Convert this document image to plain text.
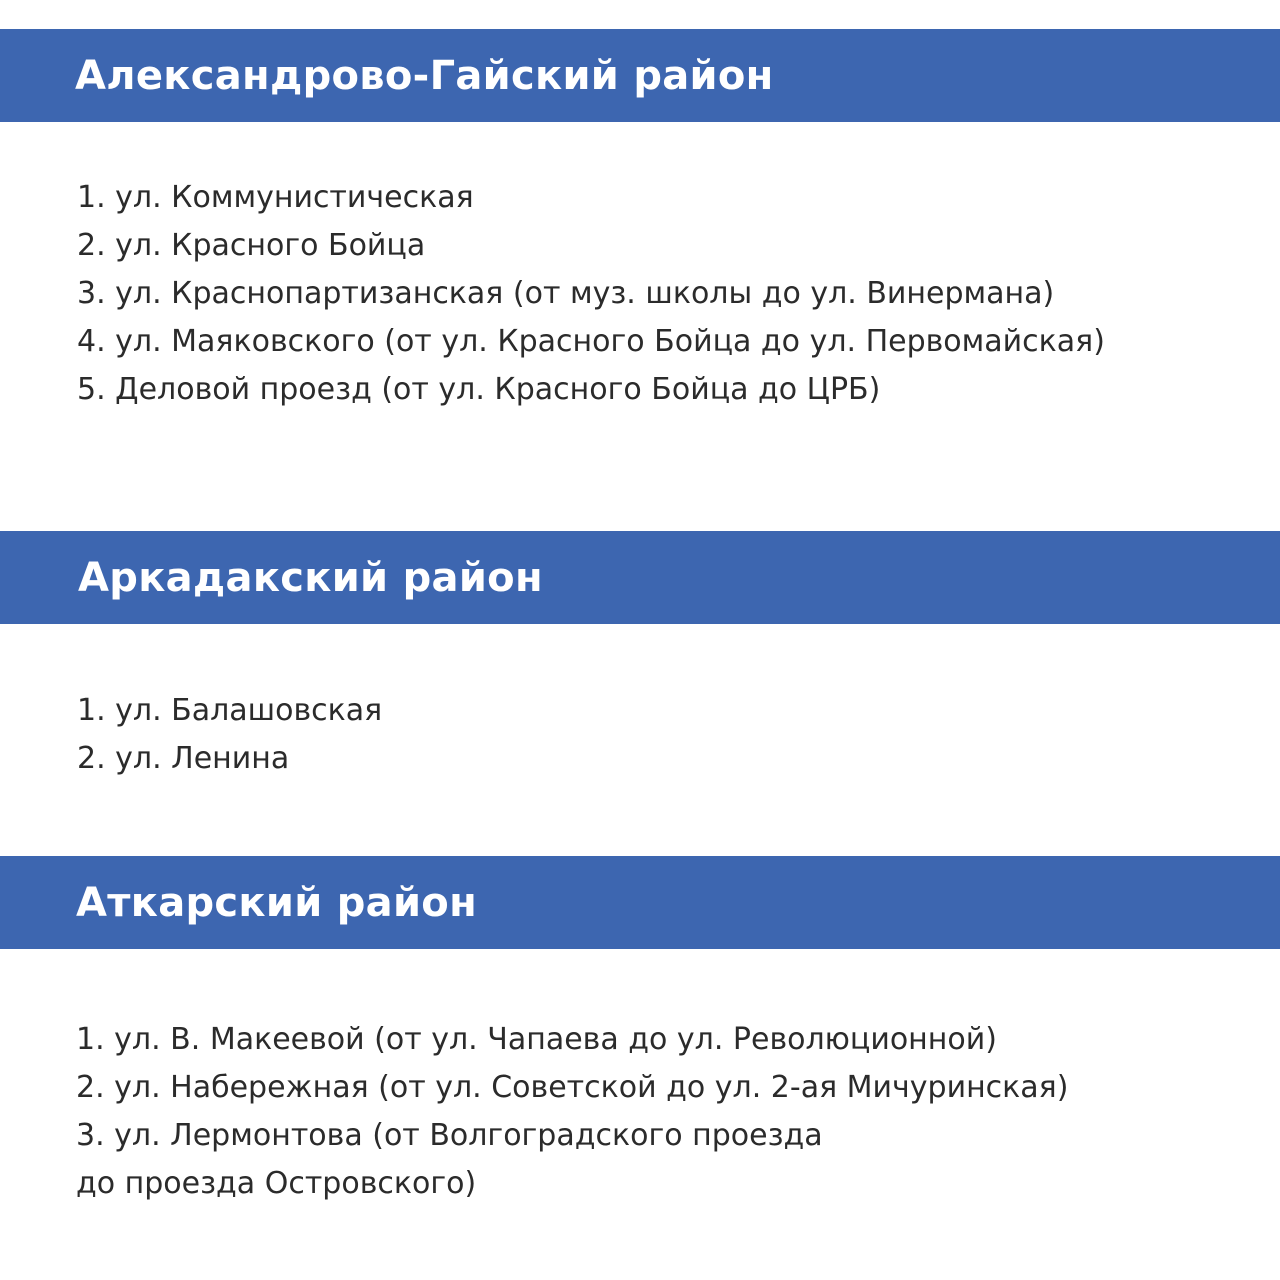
Александрово-Гайский район
1. ул. Коммунистическая
2. ул. Красного Бойца
3. ул. Краснопартизанская (от муз. школы до ул. Винермана)
4. ул. Маяковского (от ул. Красного Бойца до ул. Первомайская)
5. Деловой проезд (от ул. Красного Бойца до ЦРБ)
Аркадакский район
1. ул. Балашовская
2. ул. Ленина
Аткарский район
1. ул. В. Макеевой (от ул. Чапаева до ул. Революционной)
2. ул. Набережная (от ул. Советской до ул. 2-ая Мичуринская)
3. ул. Лермонтова (от Волгоградского проезда
до проезда Островского)
